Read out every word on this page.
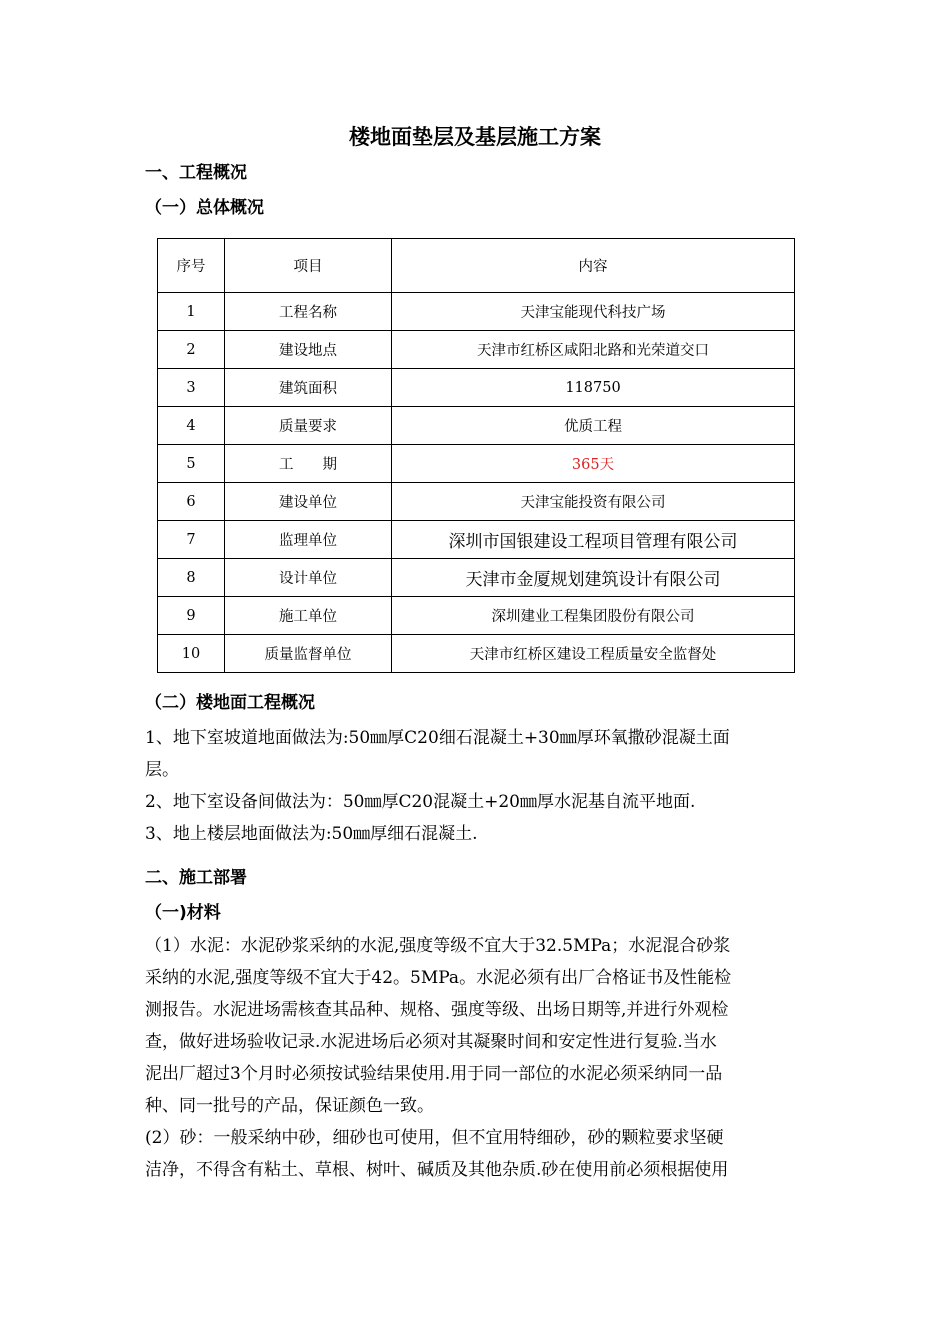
楼地面垫层及基层施工方案
一、工程概况
（一）总体概况
序号	项目	内容
1	工程名称	天津宝能现代科技广场
2	建设地点	天津市红桥区咸阳北路和光荣道交口
3	建筑面积	118750
4	质量要求	优质工程
5	工　　期	365天
6	建设单位	天津宝能投资有限公司
7	监理单位	深圳市国银建设工程项目管理有限公司
8	设计单位	天津市金厦规划建筑设计有限公司
9	施工单位	深圳建业工程集团股份有限公司
10	质量监督单位	天津市红桥区建设工程质量安全监督处
（二）楼地面工程概况
1、地下室坡道地面做法为:50㎜厚C20细石混凝土+30㎜厚环氧撒砂混凝土面
层。
2、地下室设备间做法为：50㎜厚C20混凝土+20㎜厚水泥基自流平地面.
3、地上楼层地面做法为:50㎜厚细石混凝土.
二、施工部署
（一)材料
（1）水泥：水泥砂浆采纳的水泥,强度等级不宜大于32.5MPa；水泥混合砂浆
采纳的水泥,强度等级不宜大于42。5MPa。水泥必须有出厂合格证书及性能检
测报告。水泥进场需核查其品种、规格、强度等级、出场日期等,并进行外观检
查，做好进场验收记录.水泥进场后必须对其凝聚时间和安定性进行复验.当水
泥出厂超过3个月时必须按试验结果使用.用于同一部位的水泥必须采纳同一品
种、同一批号的产品，保证颜色一致。
(2）砂：一般采纳中砂，细砂也可使用，但不宜用特细砂，砂的颗粒要求坚硬
洁净，不得含有粘土、草根、树叶、碱质及其他杂质.砂在使用前必须根据使用
